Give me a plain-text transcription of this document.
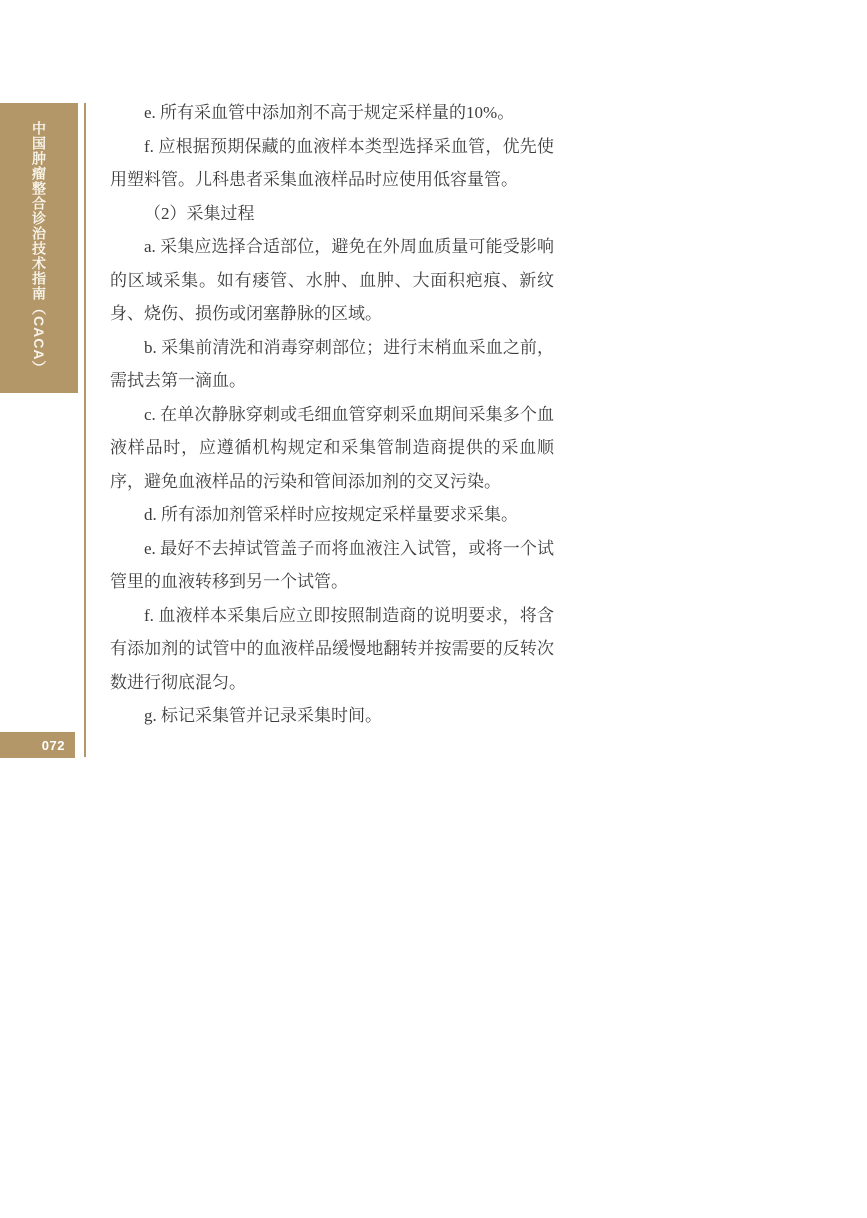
中国肿瘤整合诊治技术指南（CACA）
072

e. 所有采血管中添加剂不高于规定采样量的10%。

f. 应根据预期保藏的血液样本类型选择采血管，优先使用塑料管。儿科患者采集血液样品时应使用低容量管。

（2）采集过程

a. 采集应选择合适部位，避免在外周血质量可能受影响的区域采集。如有瘘管、水肿、血肿、大面积疤痕、新纹身、烧伤、损伤或闭塞静脉的区域。

b. 采集前清洗和消毒穿刺部位；进行末梢血采血之前，需拭去第一滴血。

c. 在单次静脉穿刺或毛细血管穿刺采血期间采集多个血液样品时，应遵循机构规定和采集管制造商提供的采血顺序，避免血液样品的污染和管间添加剂的交叉污染。

d. 所有添加剂管采样时应按规定采样量要求采集。

e. 最好不去掉试管盖子而将血液注入试管，或将一个试管里的血液转移到另一个试管。

f. 血液样本采集后应立即按照制造商的说明要求，将含有添加剂的试管中的血液样品缓慢地翻转并按需要的反转次数进行彻底混匀。

g. 标记采集管并记录采集时间。
